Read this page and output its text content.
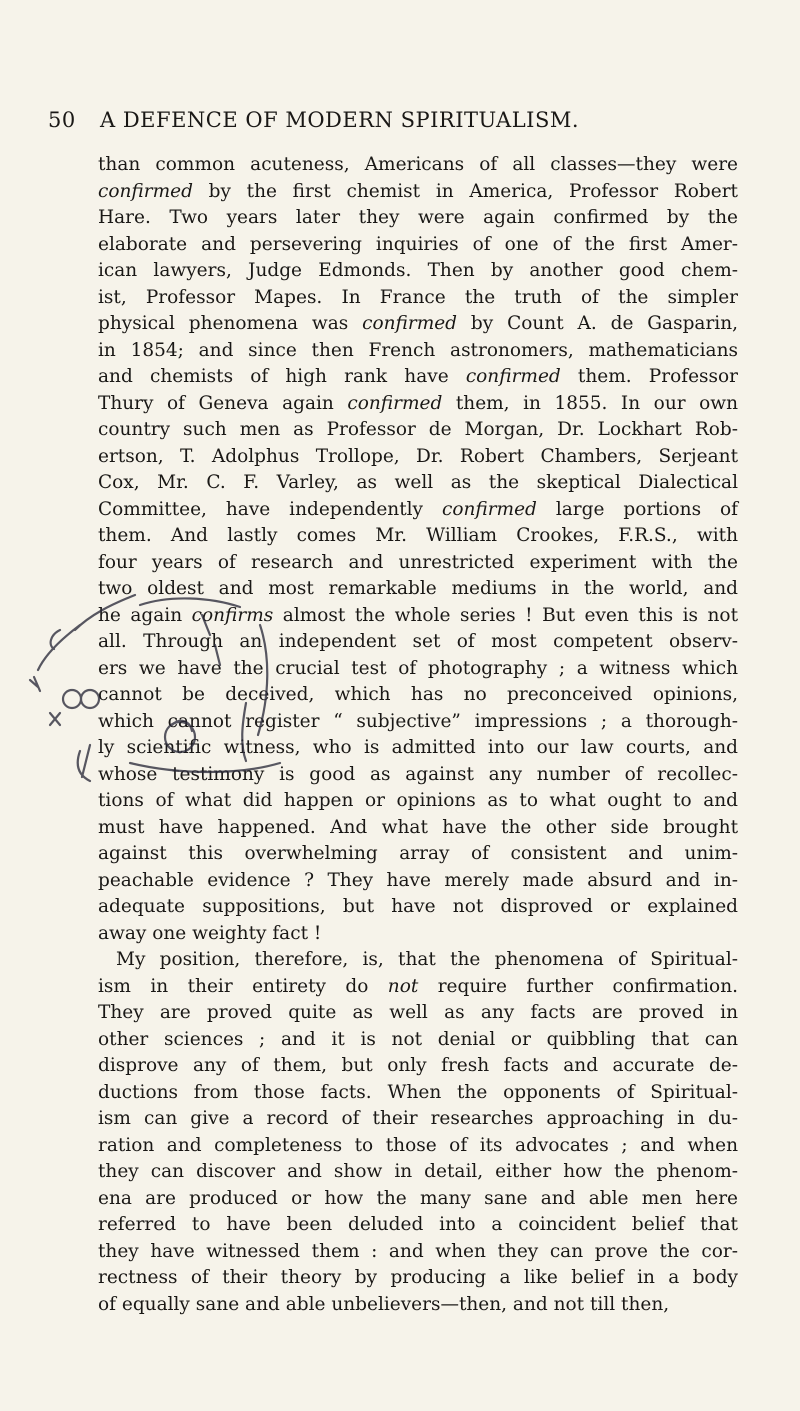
50 A DEFENCE OF MODERN SPIRITUALISM.
than common acuteness, Americans of all classes—they were
confirmed by the first chemist in America, Professor Robert
Hare. Two years later they were again confirmed by the
elaborate and persevering inquiries of one of the first Amer-
ican lawyers, Judge Edmonds. Then by another good chem-
ist, Professor Mapes. In France the truth of the simpler
physical phenomena was confirmed by Count A. de Gasparin,
in 1854; and since then French astronomers, mathematicians
and chemists of high rank have confirmed them. Professor
Thury of Geneva again confirmed them, in 1855. In our own
country such men as Professor de Morgan, Dr. Lockhart Rob-
ertson, T. Adolphus Trollope, Dr. Robert Chambers, Serjeant
Cox, Mr. C. F. Varley, as well as the skeptical Dialectical
Committee, have independently confirmed large portions of
them. And lastly comes Mr. William Crookes, F.R.S., with
four years of research and unrestricted experiment with the
two oldest and most remarkable mediums in the world, and
he again confirms almost the whole series ! But even this is not
all. Through an independent set of most competent observ-
ers we have the crucial test of photography ; a witness which
cannot be deceived, which has no preconceived opinions,
which cannot register “ subjective” impressions ; a thorough-
ly scientific witness, who is admitted into our law courts, and
whose testimony is good as against any number of recollec-
tions of what did happen or opinions as to what ought to and
must have happened. And what have the other side brought
against this overwhelming array of consistent and unim-
peachable evidence ? They have merely made absurd and in-
adequate suppositions, but have not disproved or explained
away one weighty fact !
My position, therefore, is, that the phenomena of Spiritual-
ism in their entirety do not require further confirmation.
They are proved quite as well as any facts are proved in
other sciences ; and it is not denial or quibbling that can
disprove any of them, but only fresh facts and accurate de-
ductions from those facts. When the opponents of Spiritual-
ism can give a record of their researches approaching in du-
ration and completeness to those of its advocates ; and when
they can discover and show in detail, either how the phenom-
ena are produced or how the many sane and able men here
referred to have been deluded into a coincident belief that
they have witnessed them : and when they can prove the cor-
rectness of their theory by producing a like belief in a body
of equally sane and able unbelievers—then, and not till then,
